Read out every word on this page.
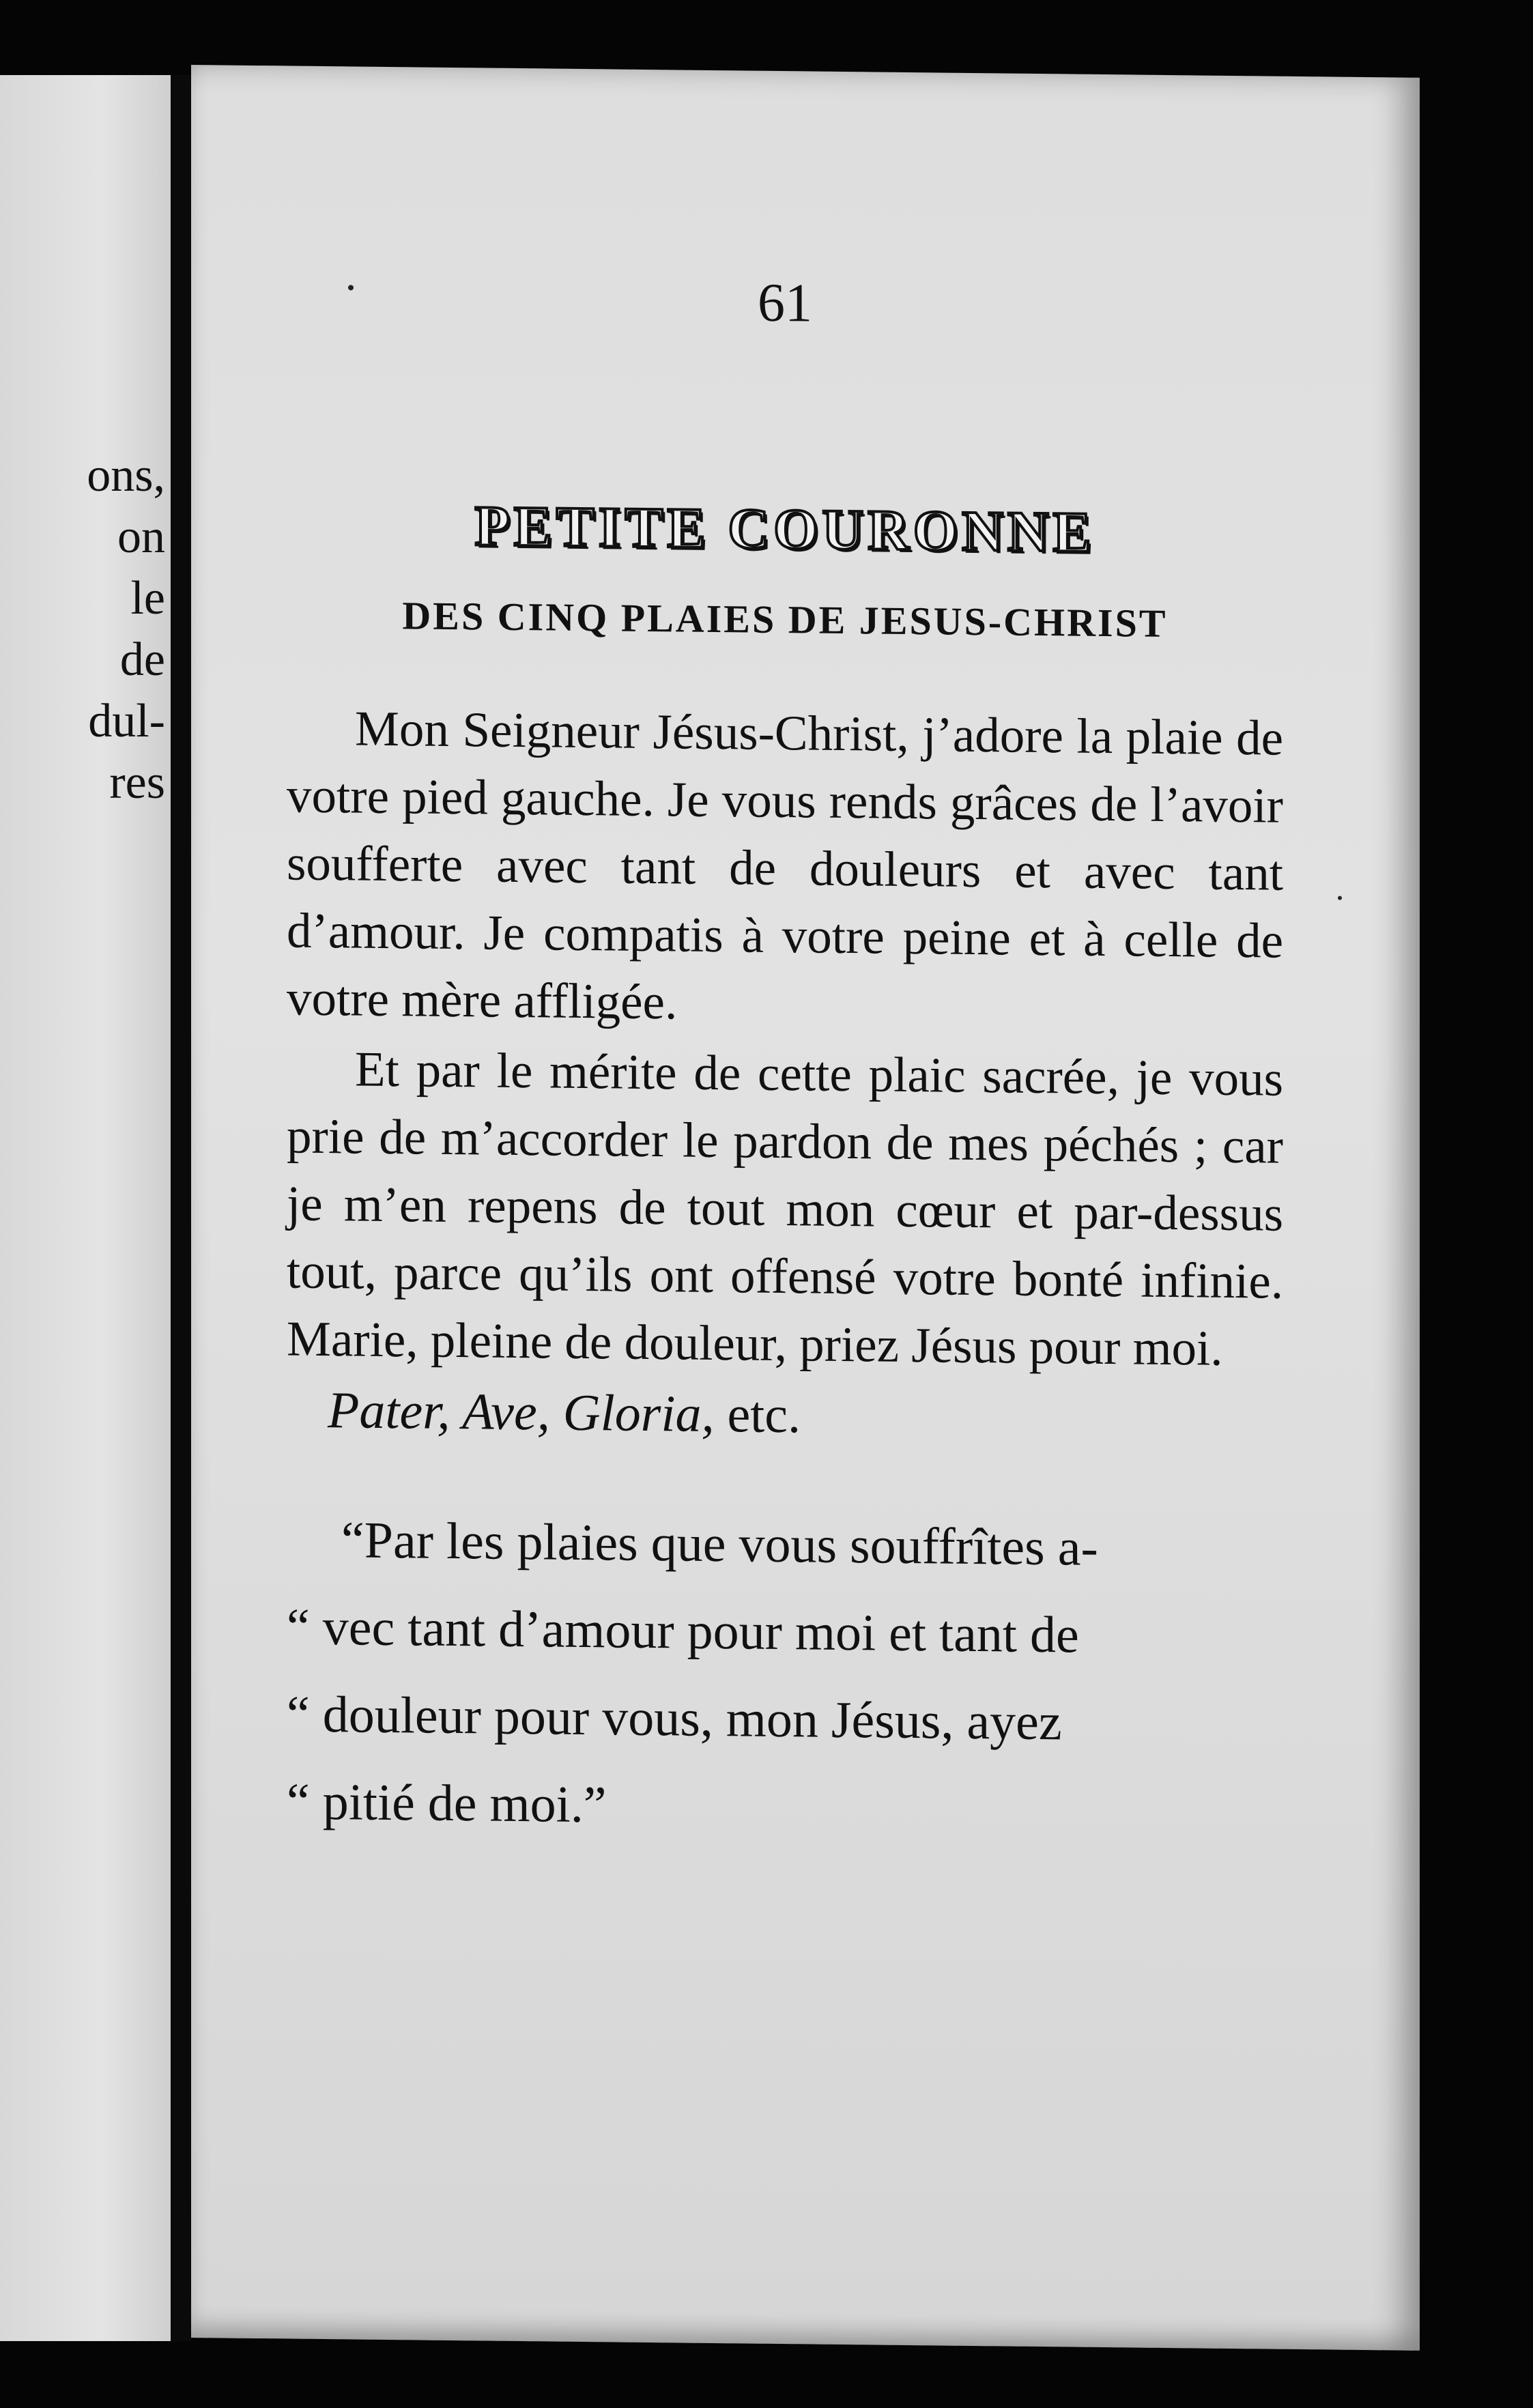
ons,
on
le
de
dul-
res
61
PETITE COURONNE
DES CINQ PLAIES DE JESUS-CHRIST

Mon Seigneur Jésus-Christ, j’adore la plaie de votre pied gauche. Je vous rends grâces de l’avoir soufferte avec tant de douleurs et avec tant d’amour. Je compatis à votre peine et à celle de votre mère affligée.

Et par le mérite de cette plaic sacrée, je vous prie de m’accorder le pardon de mes péchés ; car je m’en repens de tout mon cœur et par-dessus tout, parce qu’ils ont offensé votre bonté infinie. Marie, pleine de douleur, priez Jésus pour moi.

Pater, Ave, Gloria, etc.

“Par les plaies que vous souffrîtes a-
“ vec tant d’amour pour moi et tant de
“ douleur pour vous, mon Jésus, ayez
“ pitié de moi.”
